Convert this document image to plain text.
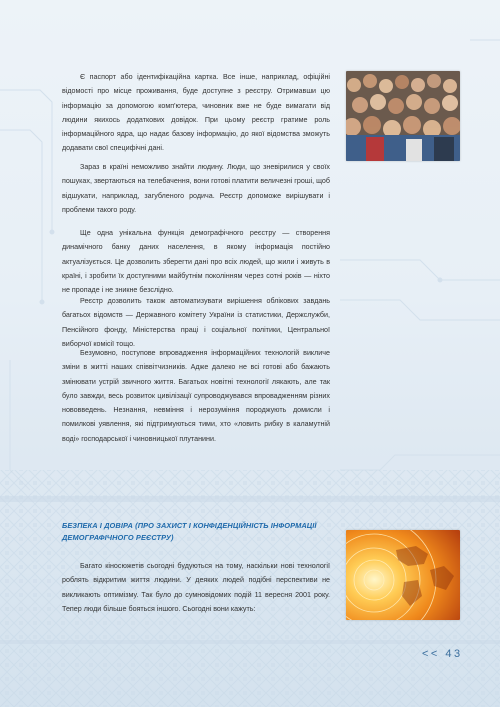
Є паспорт або ідентифікаційна картка. Все інше, наприклад, офіційні відомості про місце проживання, буде доступне з реєстру. Отримавши цю інформацію за допомогою комп'ютера, чиновник вже не буде вимагати від людини якихось додаткових довідок. При цьому реєстр гратиме роль інформаційного ядра, що надає базову інформацію, до якої відомства зможуть додавати свої специфічні дані.

Зараз в країні неможливо знайти людину. Люди, що зневірилися у своїх пошуках, звертаються на телебачення, вони готові платити величезні гроші, щоб відшукати, наприклад, загубленого родича. Реєстр допоможе вирішувати і проблеми такого роду.

Ще одна унікальна функція демографічного реєстру — створення динамічного банку даних населення, в якому інформація постійно актуалізується. Це дозволить зберегти дані про всіх людей, що жили і живуть в країні, і зробити їх доступними майбутнім поколінням через сотні років — ніхто не пропаде і не зникне безслідно.

Реєстр дозволить також автоматизувати вирішення облікових завдань багатьох відомств — Державного комітету України із статистики, Держслужби, Пенсійного фонду, Міністерства праці і соціальної політики, Центральної виборчої комісії тощо.

Безумовно, поступове впровадження інформаційних технологій викличе зміни в житті наших співвітчизників. Адже далеко не всі готові або бажають змінювати устрій звичного життя. Багатьох новітні технології лякають, але так було завжди, весь розвиток цивілізації супроводжувався впровадженням різних нововведень. Незнання, невміння і нерозуміння породжують домисли і помилкові уявлення, які підтримуються тими, хто «ловить рибку в каламутній воді» господарської і чиновницької плутанини.

БЕЗПЕКА І ДОВІРА (ПРО ЗАХИСТ І КОНФІДЕНЦІЙНІСТЬ ІНФОРМАЦІЇ ДЕМОГРАФІЧНОГО РЕЄСТРУ)

Багато кіносюжетів сьогодні будуються на тому, наскільки нові технології роблять відкритим життя людини. У деяких людей подібні перспективи не викликають оптимізму. Так було до сумновідомих подій 11 вересня 2001 року. Тепер люди більше бояться іншого. Сьогодні вони кажуть:

<< 43
